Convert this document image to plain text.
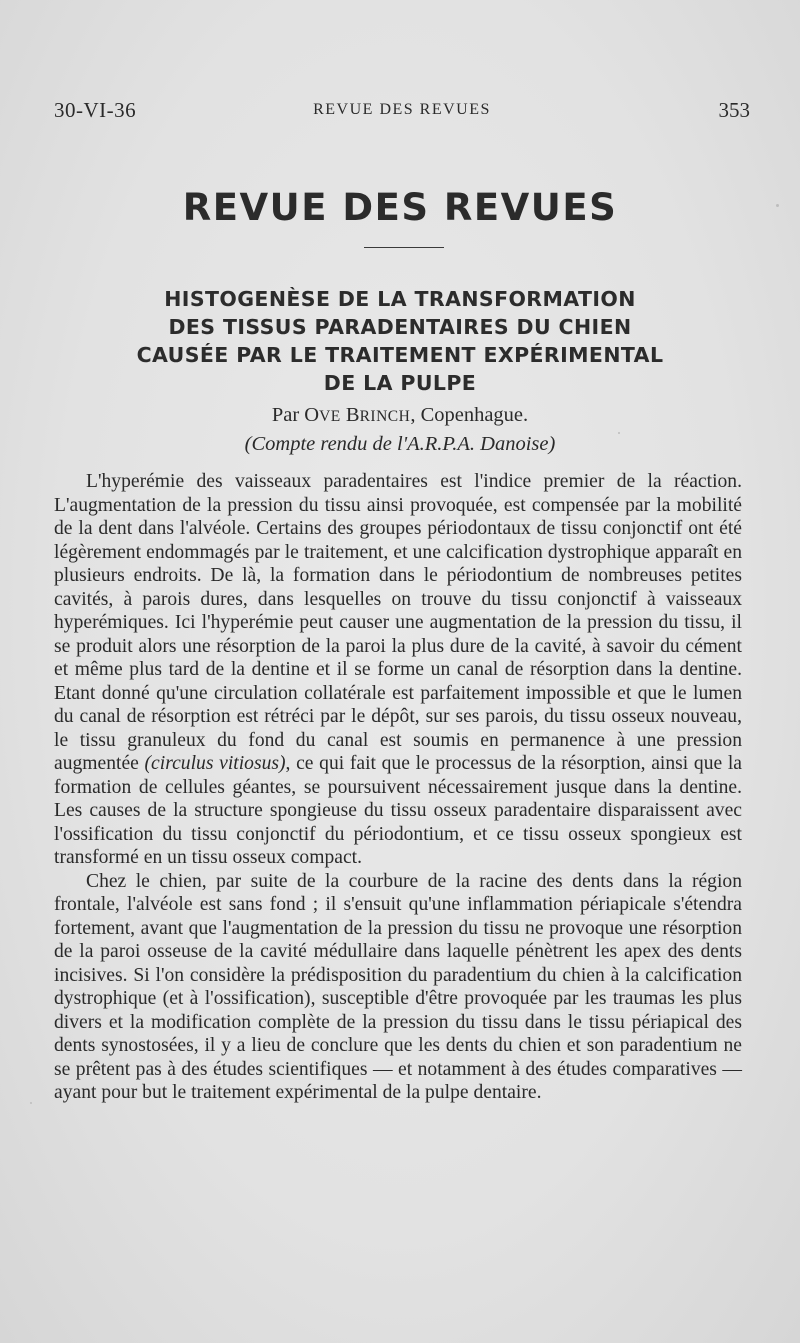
30-VI-36	REVUE DES REVUES	353
REVUE DES REVUES
HISTOGENÈSE DE LA TRANSFORMATION
DES TISSUS PARADENTAIRES DU CHIEN
CAUSÉE PAR LE TRAITEMENT EXPÉRIMENTAL
DE LA PULPE
Par OVE BRINCH, Copenhague.
(Compte rendu de l'A.R.P.A. Danoise)

L'hyperémie des vaisseaux paradentaires est l'indice premier de la réaction. L'augmentation de la pression du tissu ainsi provoquée, est compensée par la mobilité de la dent dans l'alvéole. Certains des groupes périodontaux de tissu conjonctif ont été légèrement endommagés par le traitement, et une calcification dystrophique apparaît en plusieurs endroits. De là, la formation dans le périodontium de nombreuses petites cavités, à parois dures, dans lesquelles on trouve du tissu conjonctif à vaisseaux hyperémiques. Ici l'hyperémie peut causer une augmentation de la pression du tissu, il se produit alors une résorption de la paroi la plus dure de la cavité, à savoir du cément et même plus tard de la dentine et il se forme un canal de résorption dans la dentine. Etant donné qu'une circulation collatérale est parfaitement impossible et que le lumen du canal de résorption est rétréci par le dépôt, sur ses parois, du tissu osseux nouveau, le tissu granuleux du fond du canal est soumis en permanence à une pression augmentée (circulus vitiosus), ce qui fait que le processus de la résorption, ainsi que la formation de cellules géantes, se poursuivent nécessairement jusque dans la dentine. Les causes de la structure spongieuse du tissu osseux paradentaire disparaissent avec l'ossification du tissu conjonctif du périodontium, et ce tissu osseux spongieux est transformé en un tissu osseux compact.

Chez le chien, par suite de la courbure de la racine des dents dans la région frontale, l'alvéole est sans fond ; il s'ensuit qu'une inflammation périapicale s'étendra fortement, avant que l'augmentation de la pression du tissu ne provoque une résorption de la paroi osseuse de la cavité médullaire dans laquelle pénètrent les apex des dents incisives. Si l'on considère la prédisposition du paradentium du chien à la calcification dystrophique (et à l'ossification), susceptible d'être provoquée par les traumas les plus divers et la modification complète de la pression du tissu dans le tissu périapical des dents synostosées, il y a lieu de conclure que les dents du chien et son paradentium ne se prêtent pas à des études scientifiques — et notamment à des études comparatives — ayant pour but le traitement expérimental de la pulpe dentaire.
